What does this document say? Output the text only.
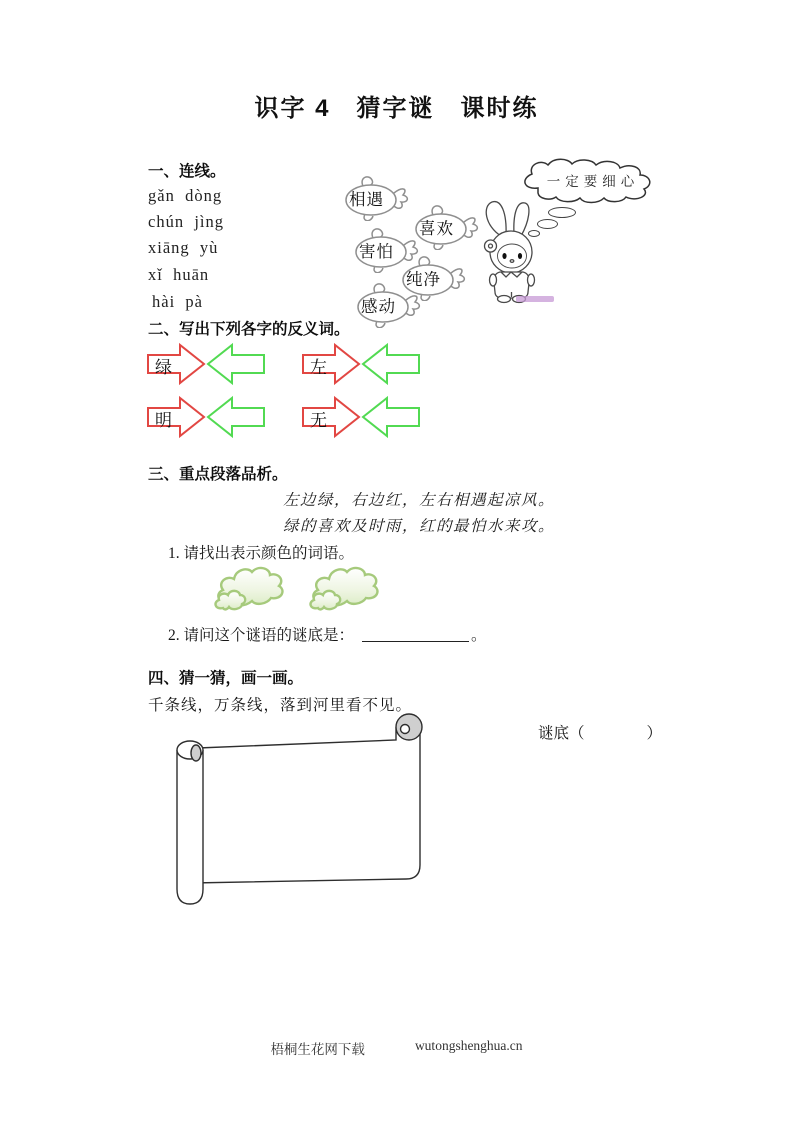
识字 4　猜字谜　课时练
一、连线。
gǎn  dòng
chún  jìng
xiāng  yù
xǐ  huān
hài  pà
相遇
喜欢
害怕
纯净
感动
一定要细心
二、写出下列各字的反义词。
绿	左
明	无
三、重点段落品析。
左边绿，右边红，左右相遇起凉风。
绿的喜欢及时雨，红的最怕水来攻。
1. 请找出表示颜色的词语。
2. 请问这个谜语的谜底是：	。
四、猜一猜，画一画。
千条线，万条线，落到河里看不见。
谜底（　　　　）
梧桐生花网下载	wutongshenghua.cn
